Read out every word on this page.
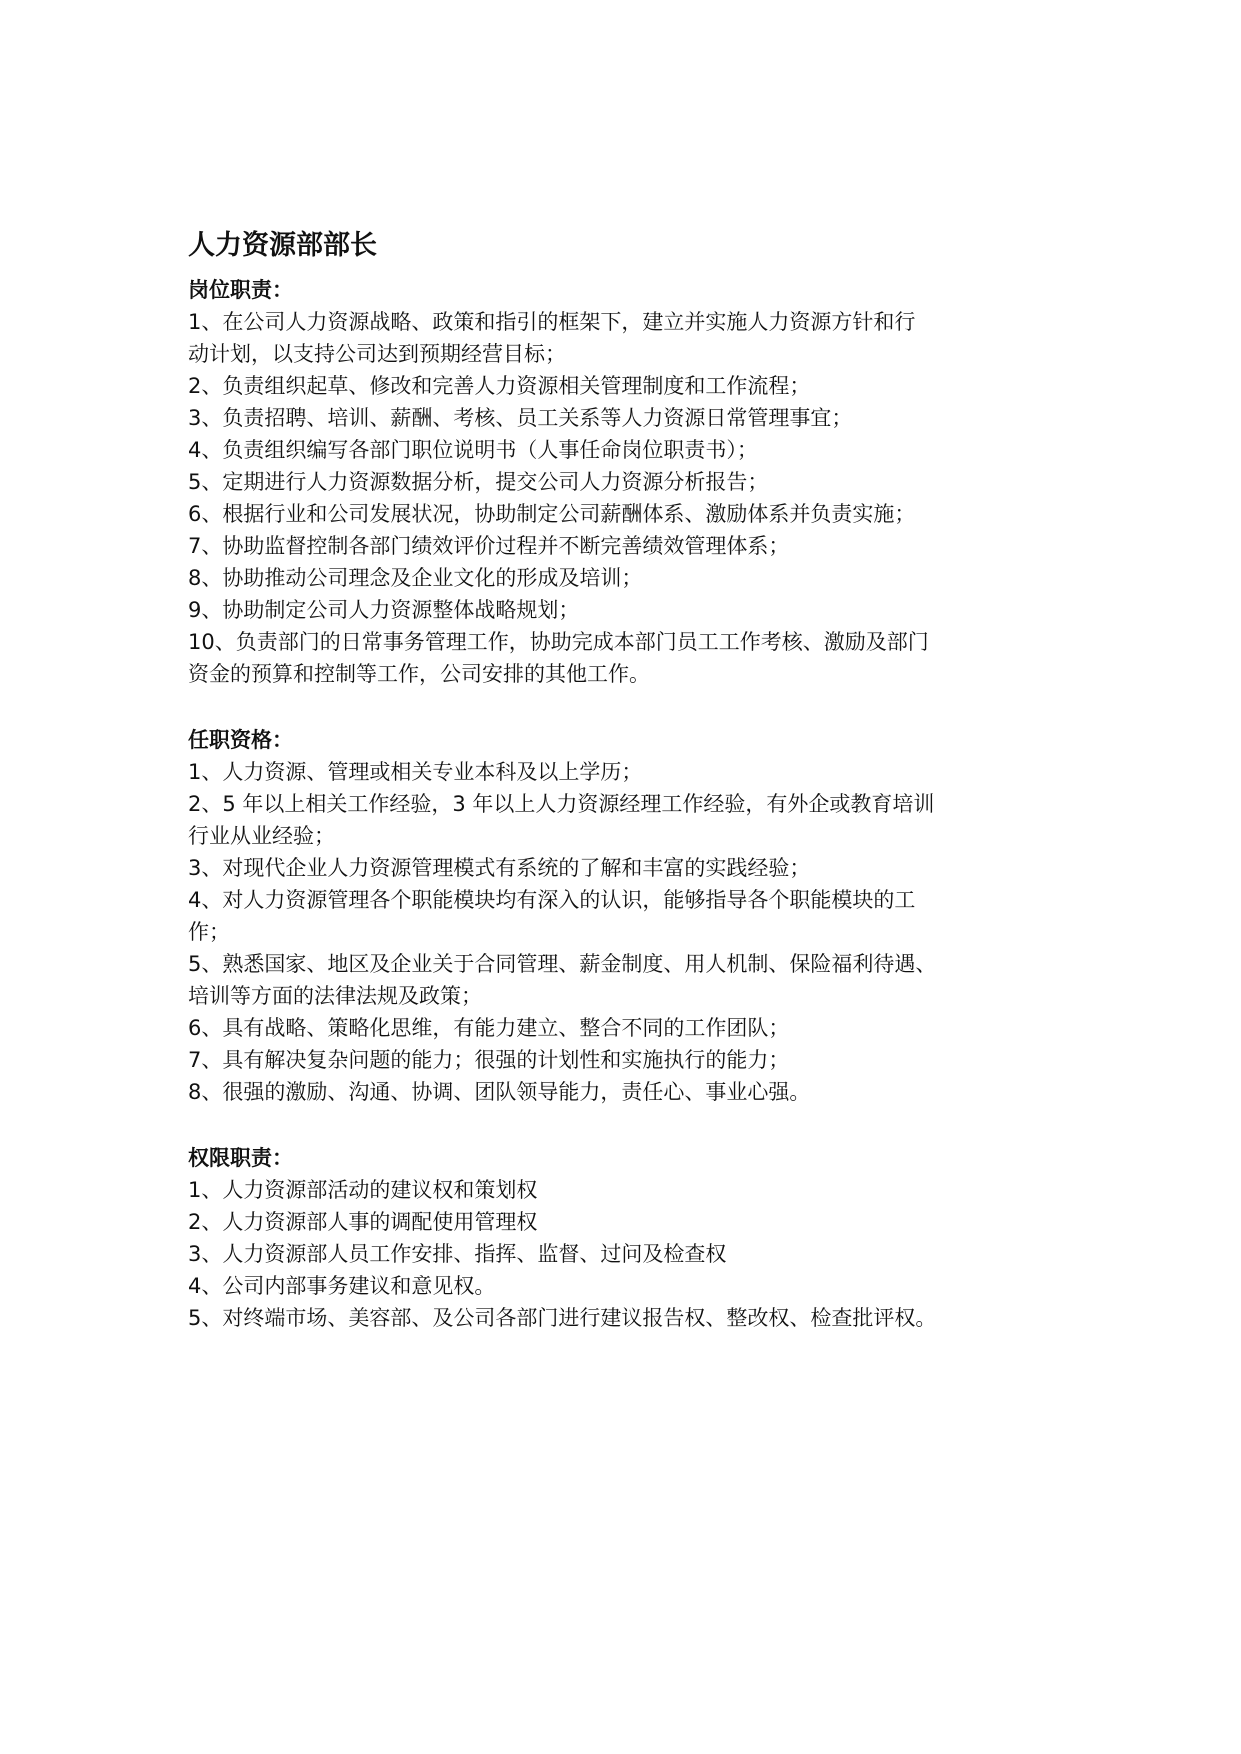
人力资源部部长
岗位职责：
1、在公司人力资源战略、政策和指引的框架下，建立并实施人力资源方针和行
动计划，以支持公司达到预期经营目标；
2、负责组织起草、修改和完善人力资源相关管理制度和工作流程；
3、负责招聘、培训、薪酬、考核、员工关系等人力资源日常管理事宜；
4、负责组织编写各部门职位说明书（人事任命岗位职责书）；
5、定期进行人力资源数据分析，提交公司人力资源分析报告；
6、根据行业和公司发展状况，协助制定公司薪酬体系、激励体系并负责实施；
7、协助监督控制各部门绩效评价过程并不断完善绩效管理体系；
8、协助推动公司理念及企业文化的形成及培训；
9、协助制定公司人力资源整体战略规划；
10、负责部门的日常事务管理工作，协助完成本部门员工工作考核、激励及部门
资金的预算和控制等工作，公司安排的其他工作。
任职资格：
1、人力资源、管理或相关专业本科及以上学历；
2、5 年以上相关工作经验，3 年以上人力资源经理工作经验，有外企或教育培训
行业从业经验；
3、对现代企业人力资源管理模式有系统的了解和丰富的实践经验；
4、对人力资源管理各个职能模块均有深入的认识，能够指导各个职能模块的工
作；
5、熟悉国家、地区及企业关于合同管理、薪金制度、用人机制、保险福利待遇、
培训等方面的法律法规及政策；
6、具有战略、策略化思维，有能力建立、整合不同的工作团队；
7、具有解决复杂问题的能力；很强的计划性和实施执行的能力；
8、很强的激励、沟通、协调、团队领导能力，责任心、事业心强。
权限职责：
1、人力资源部活动的建议权和策划权
2、人力资源部人事的调配使用管理权
3、人力资源部人员工作安排、指挥、监督、过问及检查权
4、公司内部事务建议和意见权。
5、对终端市场、美容部、及公司各部门进行建议报告权、整改权、检查批评权。
